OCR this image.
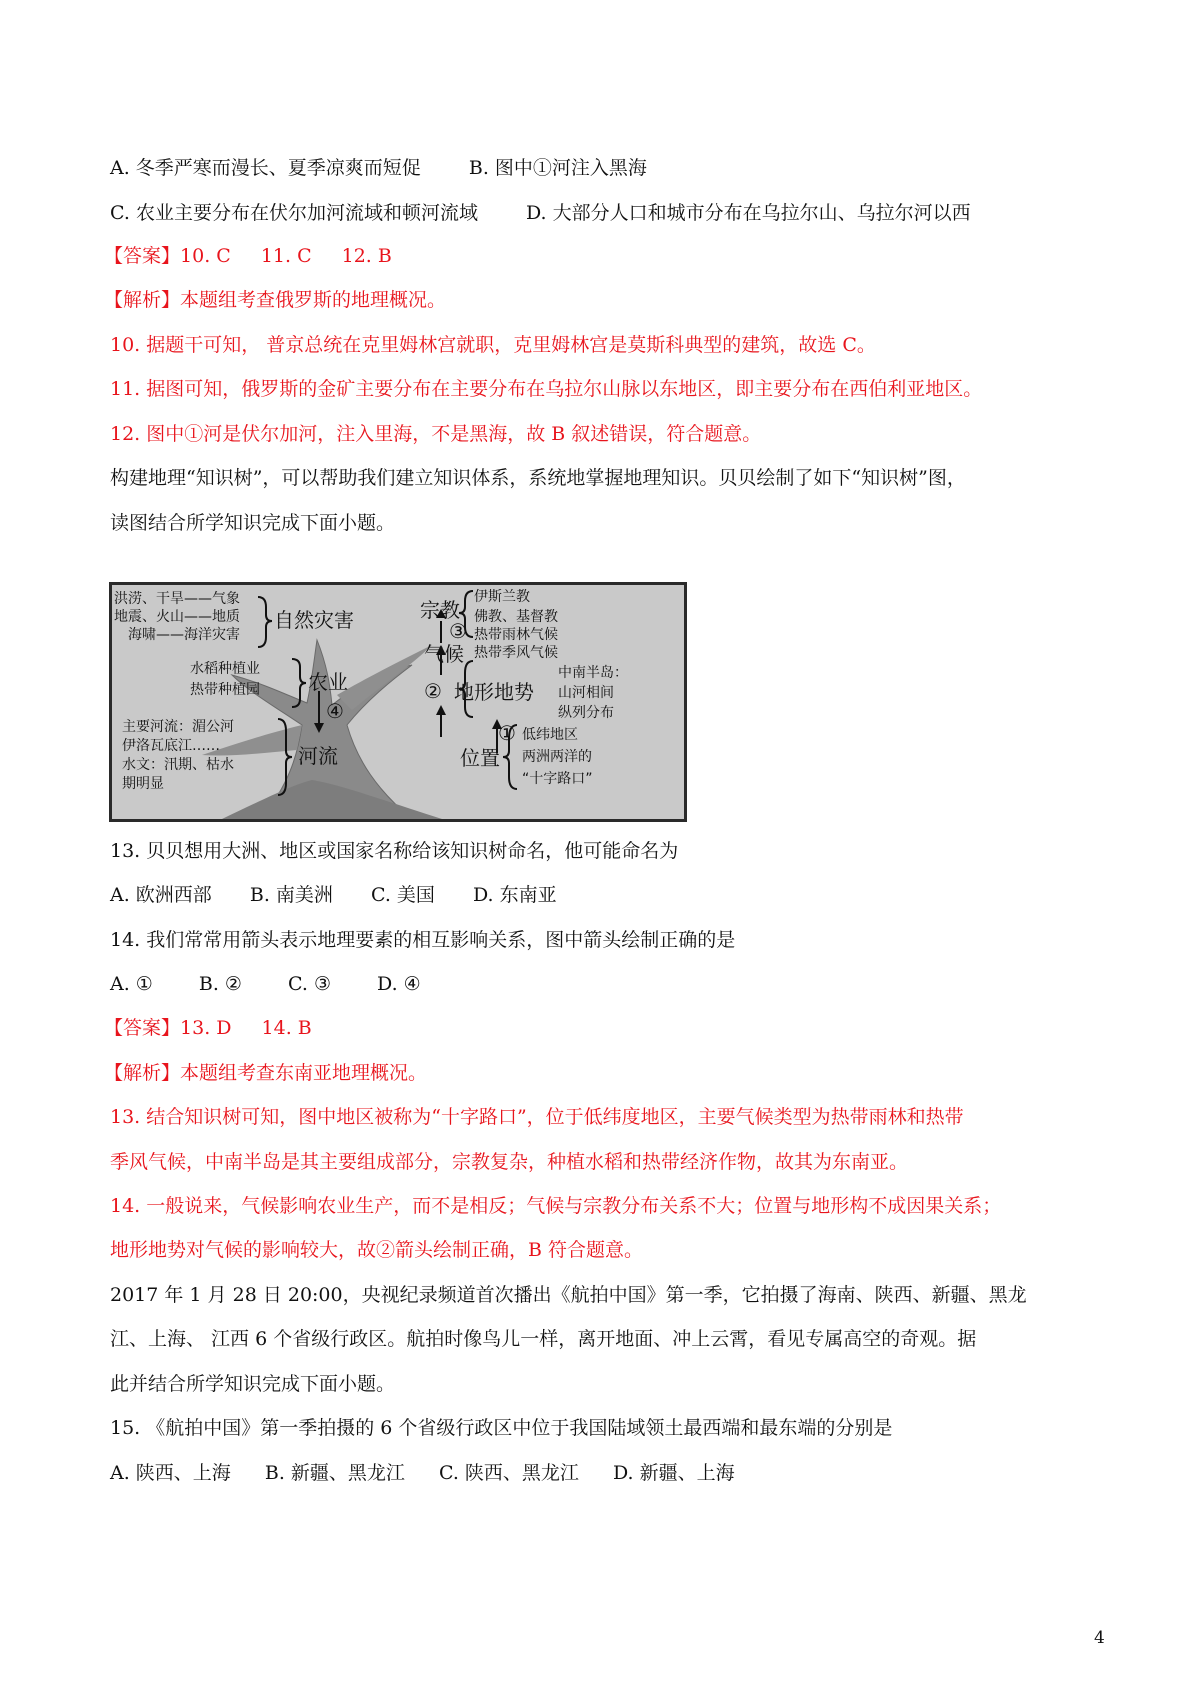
A. 冬季严寒而漫长、夏季凉爽而短促	B. 图中①河注入黑海
C. 农业主要分布在伏尔加河流域和顿河流域	D. 大部分人口和城市分布在乌拉尔山、乌拉尔河以西
【答案】10. C 11. C 12. B
【解析】本题组考查俄罗斯的地理概况。
10. 据题干可知， 普京总统在克里姆林宫就职，克里姆林宫是莫斯科典型的建筑，故选 C。
11. 据图可知，俄罗斯的金矿主要分布在主要分布在乌拉尔山脉以东地区，即主要分布在西伯利亚地区。
12. 图中①河是伏尔加河，注入里海，不是黑海，故 B 叙述错误，符合题意。
构建地理“知识树”，可以帮助我们建立知识体系，系统地掌握地理知识。贝贝绘制了如下“知识树”图，
读图结合所学知识完成下面小题。
洪涝、干旱——气象
地震、火山——地质
海啸——海洋灾害
自然灾害
水稻种植业
热带种植园 农业
④
主要河流：湄公河
伊洛瓦底江……
水文：汛期、枯水
期明显
河流
宗教
伊斯兰教
佛教、基督教
③
气候
热带雨林气候
热带季风气候
② 地形地势
中南半岛：
山河相间
纵列分布
①
位置
低纬地区
两洲两洋的
“十字路口”
13. 贝贝想用大洲、地区或国家名称给该知识树命名，他可能命名为
A. 欧洲西部 B. 南美洲 C. 美国 D. 东南亚
14. 我们常常用箭头表示地理要素的相互影响关系，图中箭头绘制正确的是
A. ① B. ② C. ③ D. ④
【答案】13. D 14. B
【解析】本题组考查东南亚地理概况。
13. 结合知识树可知，图中地区被称为“十字路口”，位于低纬度地区，主要气候类型为热带雨林和热带
季风气候，中南半岛是其主要组成部分，宗教复杂，种植水稻和热带经济作物，故其为东南亚。
14. 一般说来，气候影响农业生产，而不是相反；气候与宗教分布关系不大；位置与地形构不成因果关系；
地形地势对气候的影响较大，故②箭头绘制正确，B 符合题意。
2017 年 1 月 28 日 20:00，央视纪录频道首次播出《航拍中国》第一季，它拍摄了海南、陕西、新疆、黑龙
江、上海、 江西 6 个省级行政区。航拍时像鸟儿一样，离开地面、冲上云霄，看见专属高空的奇观。据
此并结合所学知识完成下面小题。
15. 《航拍中国》第一季拍摄的 6 个省级行政区中位于我国陆域领土最西端和最东端的分别是
A. 陕西、上海 B. 新疆、黑龙江 C. 陕西、黑龙江 D. 新疆、上海
4
